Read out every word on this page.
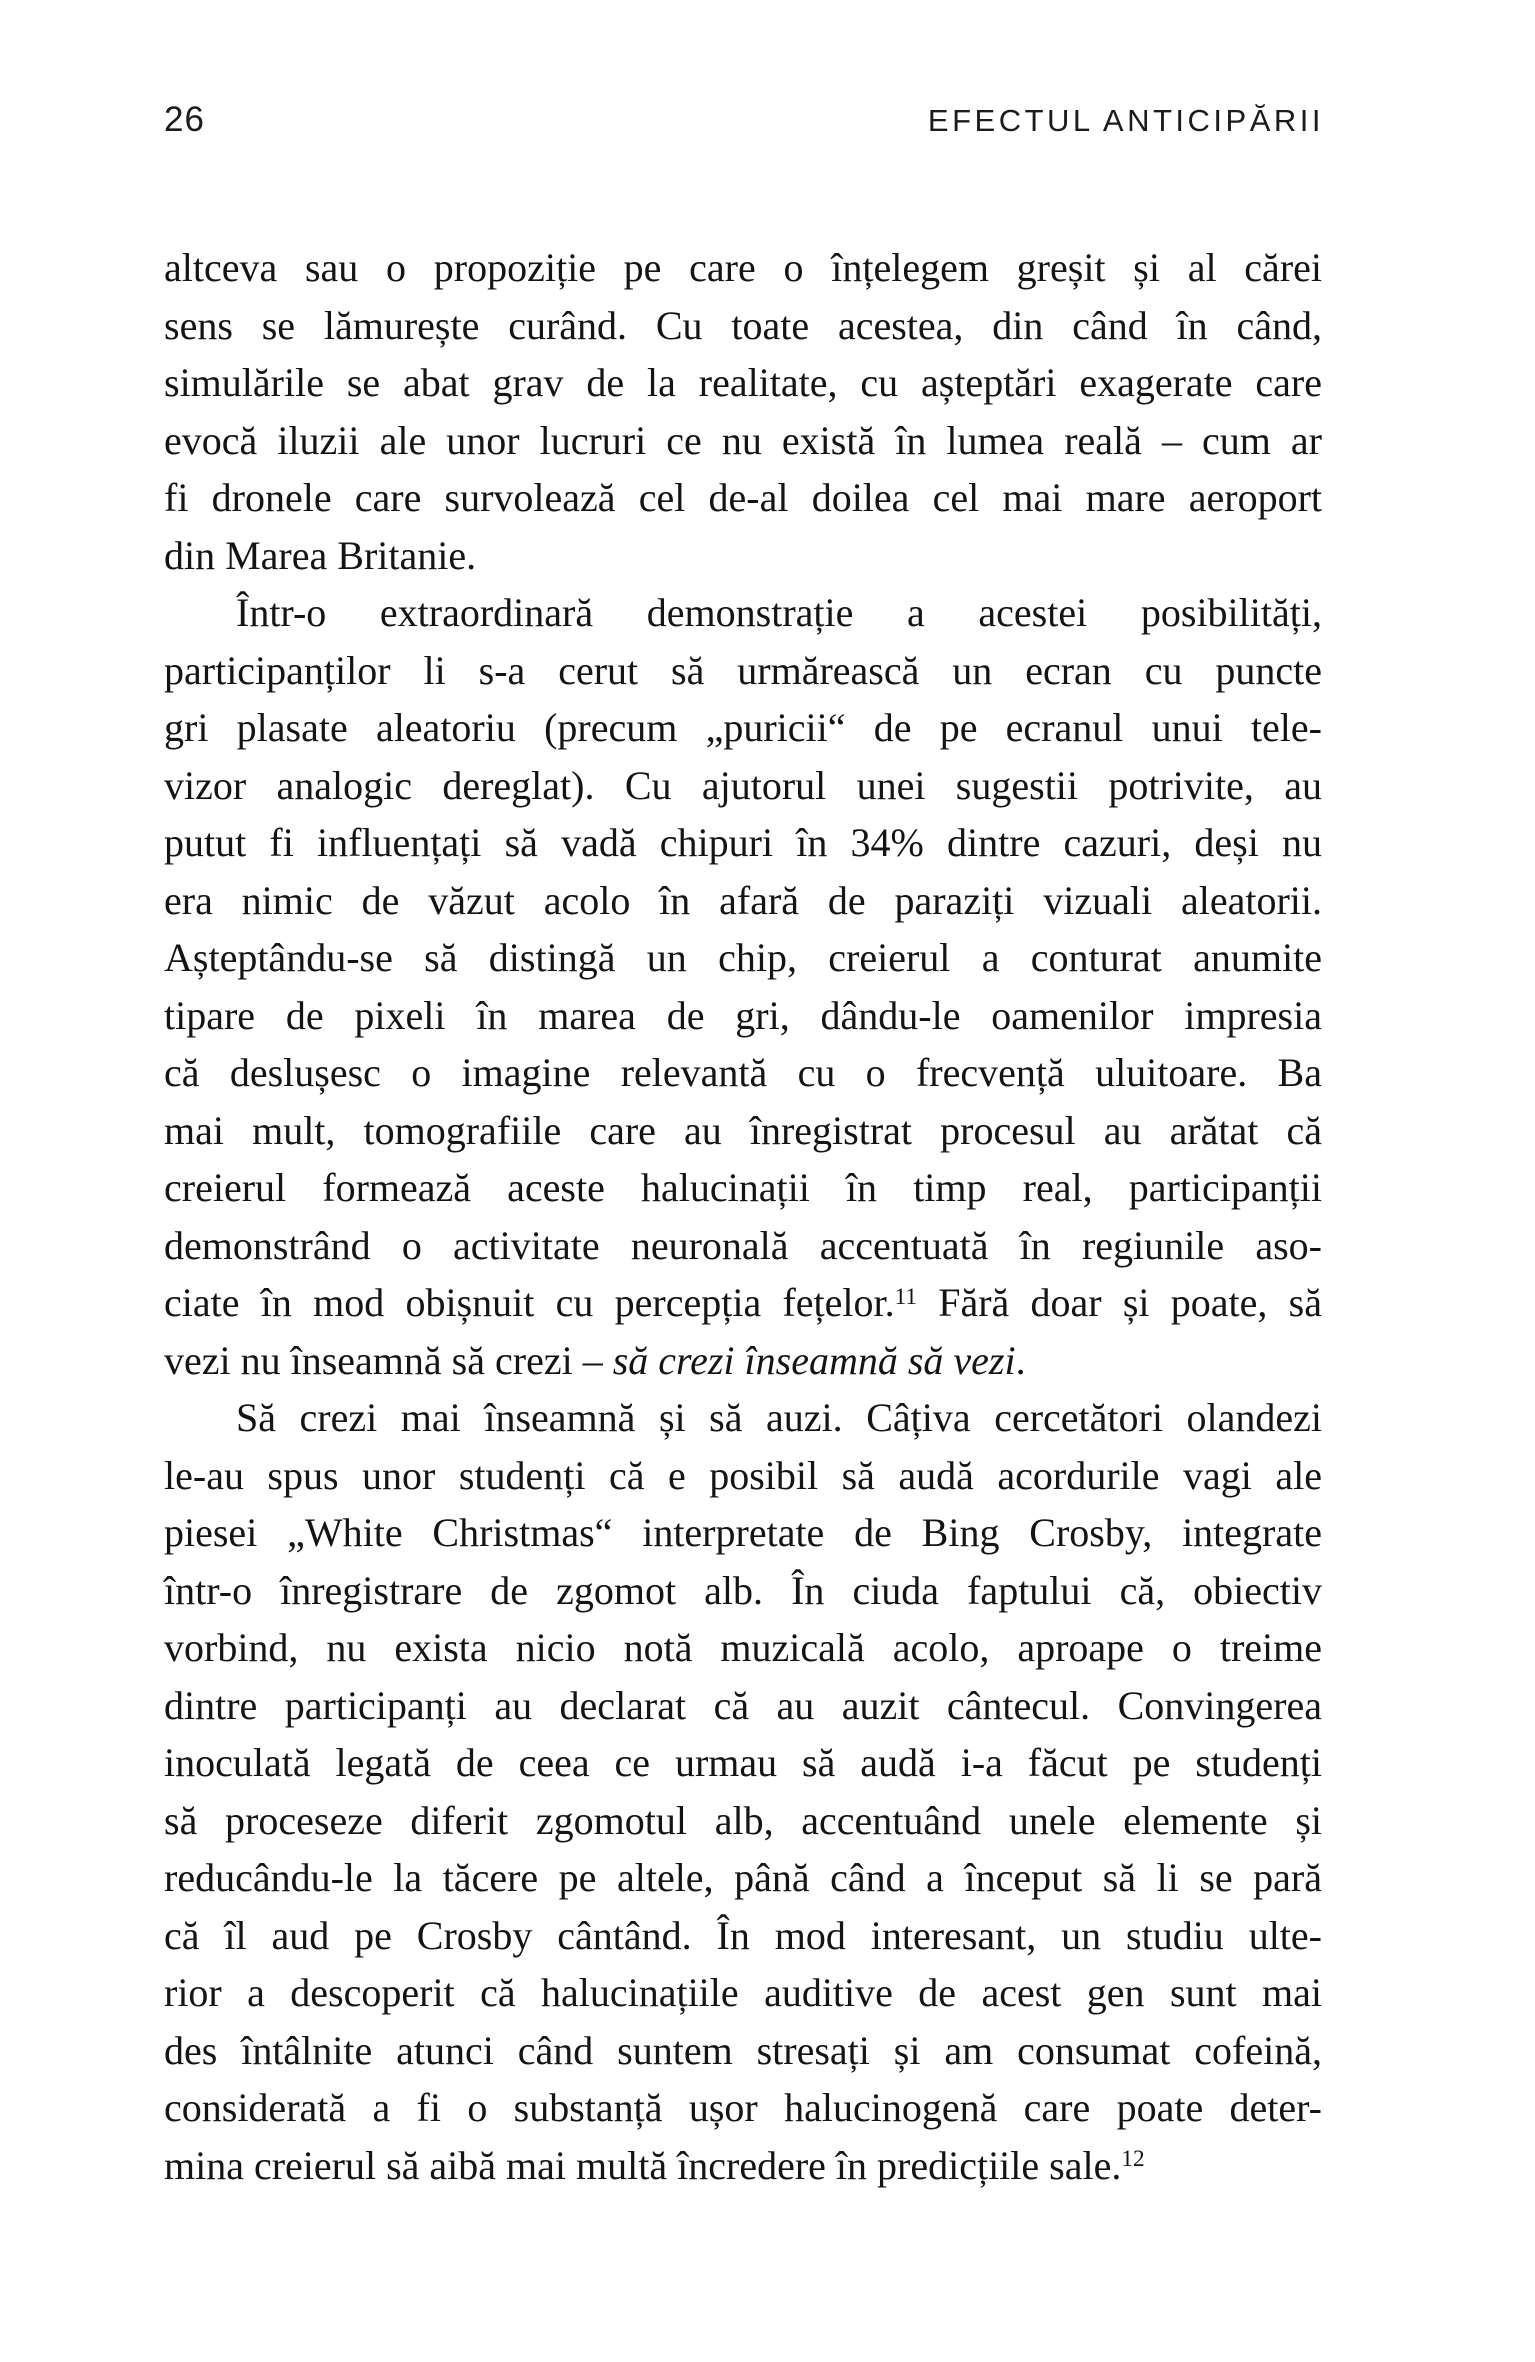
26	EFECTUL ANTICIPĂRII
altceva sau o propoziție pe care o înțelegem greșit și al cărei
sens se lămurește curând. Cu toate acestea, din când în când,
simulările se abat grav de la realitate, cu așteptări exagerate care
evocă iluzii ale unor lucruri ce nu există în lumea reală – cum ar
fi dronele care survolează cel de-al doilea cel mai mare aeroport
din Marea Britanie.
Într-o extraordinară demonstrație a acestei posibilități,
participanților li s-a cerut să urmărească un ecran cu puncte
gri plasate aleatoriu (precum „puricii“ de pe ecranul unui tele-
vizor analogic dereglat). Cu ajutorul unei sugestii potrivite, au
putut fi influențați să vadă chipuri în 34% dintre cazuri, deși nu
era nimic de văzut acolo în afară de paraziți vizuali aleatorii.
Așteptându-se să distingă un chip, creierul a conturat anumite
tipare de pixeli în marea de gri, dându-le oamenilor impresia
că deslușesc o imagine relevantă cu o frecvență uluitoare. Ba
mai mult, tomografiile care au înregistrat procesul au arătat că
creierul formează aceste halucinații în timp real, participanții
demonstrând o activitate neuronală accentuată în regiunile aso-
ciate în mod obișnuit cu percepția fețelor.$^{11}$ Fără doar și poate, să
vezi nu înseamnă să crezi – să crezi înseamnă să vezi.
Să crezi mai înseamnă și să auzi. Câțiva cercetători olandezi
le-au spus unor studenți că e posibil să audă acordurile vagi ale
piesei „White Christmas“ interpretate de Bing Crosby, integrate
într-o înregistrare de zgomot alb. În ciuda faptului că, obiectiv
vorbind, nu exista nicio notă muzicală acolo, aproape o treime
dintre participanți au declarat că au auzit cântecul. Convingerea
inoculată legată de ceea ce urmau să audă i-a făcut pe studenți
să proceseze diferit zgomotul alb, accentuând unele elemente și
reducându-le la tăcere pe altele, până când a început să li se pară
că îl aud pe Crosby cântând. În mod interesant, un studiu ulte-
rior a descoperit că halucinațiile auditive de acest gen sunt mai
des întâlnite atunci când suntem stresați și am consumat cofeină,
considerată a fi o substanță ușor halucinogenă care poate deter-
mina creierul să aibă mai multă încredere în predicțiile sale.$^{12}$
